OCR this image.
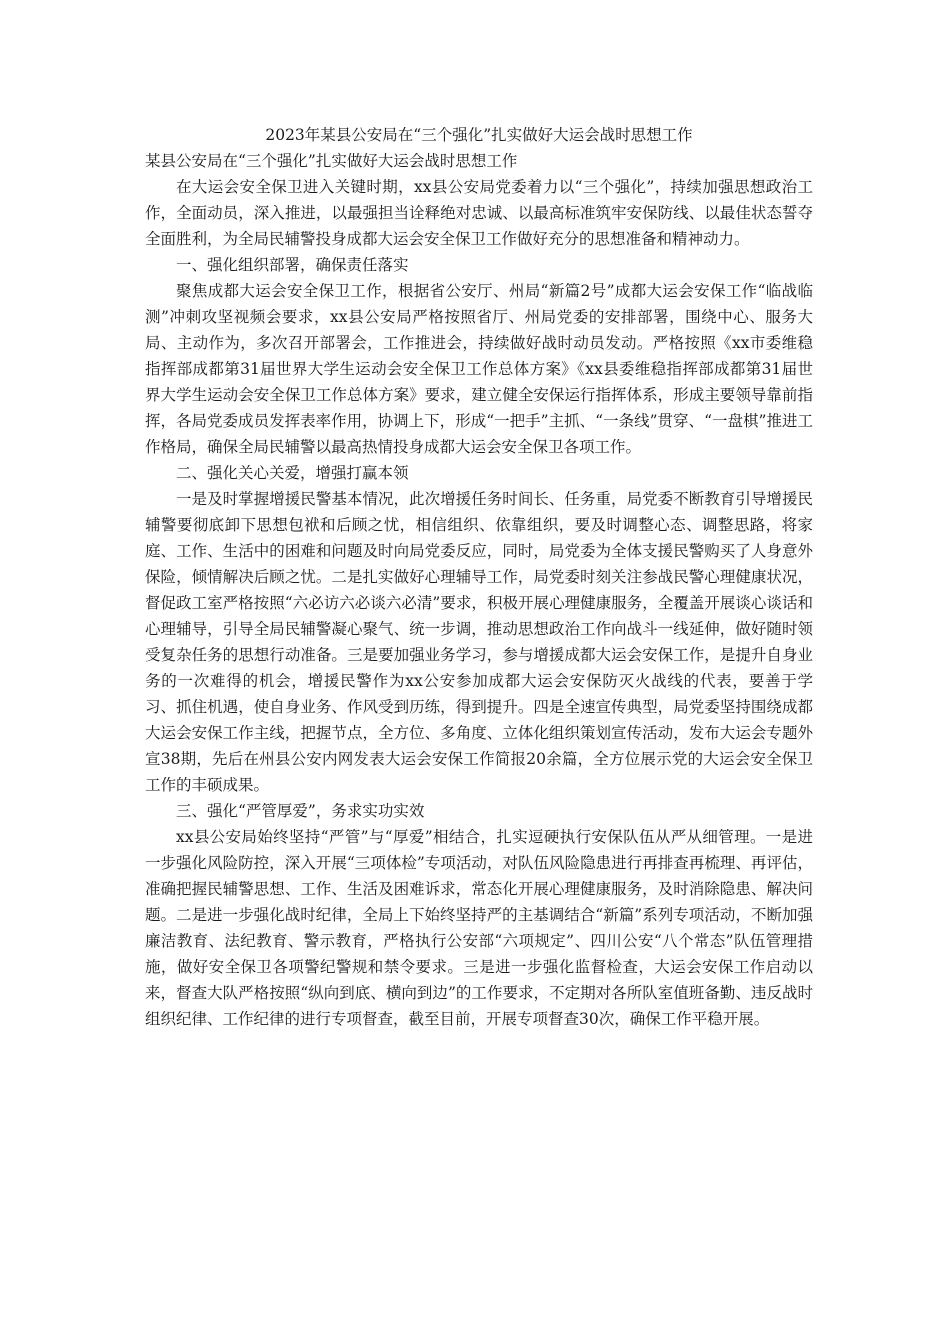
2023年某县公安局在“三个强化”扎实做好大运会战时思想工作

某县公安局在“三个强化”扎实做好大运会战时思想工作

在大运会安全保卫进入关键时期，xx县公安局党委着力以“三个强化”，持续加强思想政治工作，全面动员，深入推进，以最强担当诠释绝对忠诚、以最高标准筑牢安保防线、以最佳状态誓夺全面胜利，为全局民辅警投身成都大运会安全保卫工作做好充分的思想准备和精神动力。

一、强化组织部署，确保责任落实

聚焦成都大运会安全保卫工作，根据省公安厅、州局“新篇2号”成都大运会安保工作“临战临测”冲刺攻坚视频会要求，xx县公安局严格按照省厅、州局党委的安排部署，围绕中心、服务大局、主动作为，多次召开部署会，工作推进会，持续做好战时动员发动。严格按照《xx市委维稳指挥部成都第31届世界大学生运动会安全保卫工作总体方案》《xx县委维稳指挥部成都第31届世界大学生运动会安全保卫工作总体方案》要求，建立健全安保运行指挥体系，形成主要领导靠前指挥，各局党委成员发挥表率作用，协调上下，形成“一把手”主抓、“一条线”贯穿、“一盘棋”推进工作格局，确保全局民辅警以最高热情投身成都大运会安全保卫各项工作。

二、强化关心关爱，增强打赢本领

一是及时掌握增援民警基本情况，此次增援任务时间长、任务重，局党委不断教育引导增援民辅警要彻底卸下思想包袱和后顾之忧，相信组织、依靠组织，要及时调整心态、调整思路，将家庭、工作、生活中的困难和问题及时向局党委反应，同时，局党委为全体支援民警购买了人身意外保险，倾情解决后顾之忧。二是扎实做好心理辅导工作，局党委时刻关注参战民警心理健康状况，督促政工室严格按照“六必访六必谈六必清”要求，积极开展心理健康服务，全覆盖开展谈心谈话和心理辅导，引导全局民辅警凝心聚气、统一步调，推动思想政治工作向战斗一线延伸，做好随时领受复杂任务的思想行动准备。三是要加强业务学习，参与增援成都大运会安保工作，是提升自身业务的一次难得的机会，增援民警作为xx公安参加成都大运会安保防灭火战线的代表，要善于学习、抓住机遇，使自身业务、作风受到历练，得到提升。四是全速宣传典型，局党委坚持围绕成都大运会安保工作主线，把握节点，全方位、多角度、立体化组织策划宣传活动，发布大运会专题外宣38期，先后在州县公安内网发表大运会安保工作简报20余篇，全方位展示党的大运会安全保卫工作的丰硕成果。

三、强化“严管厚爱”，务求实功实效

xx县公安局始终坚持“严管”与“厚爱”相结合，扎实逗硬执行安保队伍从严从细管理。一是进一步强化风险防控，深入开展“三项体检”专项活动，对队伍风险隐患进行再排查再梳理、再评估，准确把握民辅警思想、工作、生活及困难诉求，常态化开展心理健康服务，及时消除隐患、解决问题。二是进一步强化战时纪律，全局上下始终坚持严的主基调结合“新篇”系列专项活动，不断加强廉洁教育、法纪教育、警示教育，严格执行公安部“六项规定”、四川公安“八个常态”队伍管理措施，做好安全保卫各项警纪警规和禁令要求。三是进一步强化监督检查，大运会安保工作启动以来，督查大队严格按照“纵向到底、横向到边”的工作要求，不定期对各所队室值班备勤、违反战时组织纪律、工作纪律的进行专项督查，截至目前，开展专项督查30次，确保工作平稳开展。
